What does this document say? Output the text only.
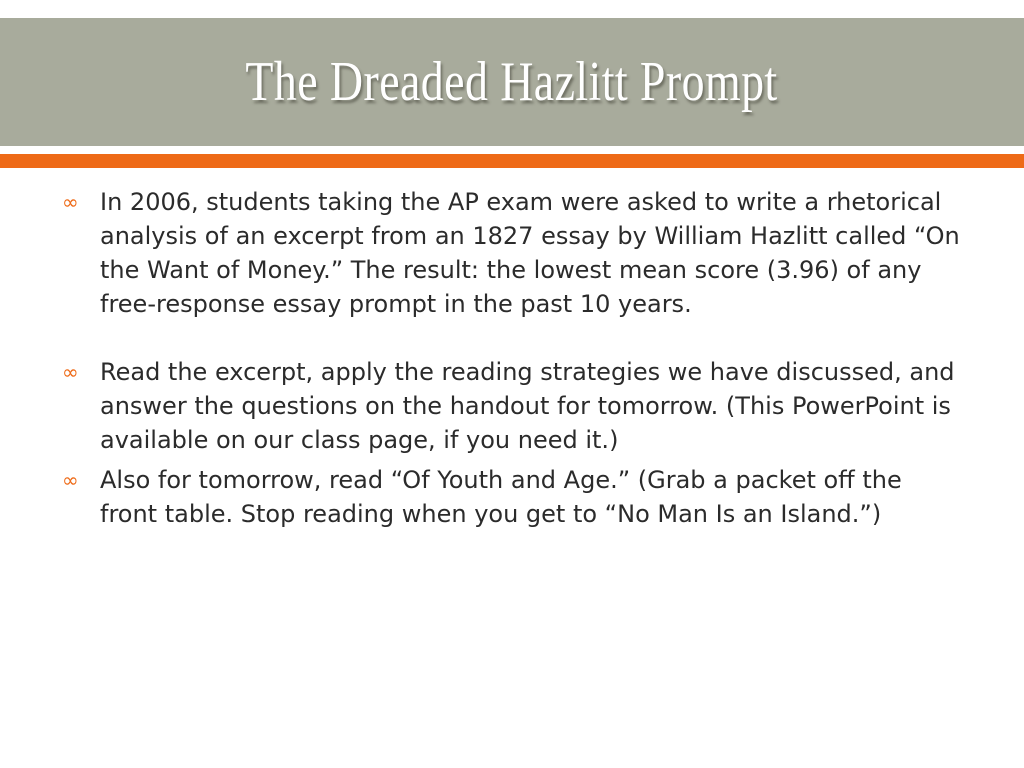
The Dreaded Hazlitt Prompt
∞ In 2006, students taking the AP exam were asked to write a rhetorical analysis of an excerpt from an 1827 essay by William Hazlitt called “On the Want of Money.” The result: the lowest mean score (3.96) of any free-response essay prompt in the past 10 years.
∞ Read the excerpt, apply the reading strategies we have discussed, and answer the questions on the handout for tomorrow. (This PowerPoint is available on our class page, if you need it.)
∞ Also for tomorrow, read “Of Youth and Age.” (Grab a packet off the front table. Stop reading when you get to “No Man Is an Island.”)
